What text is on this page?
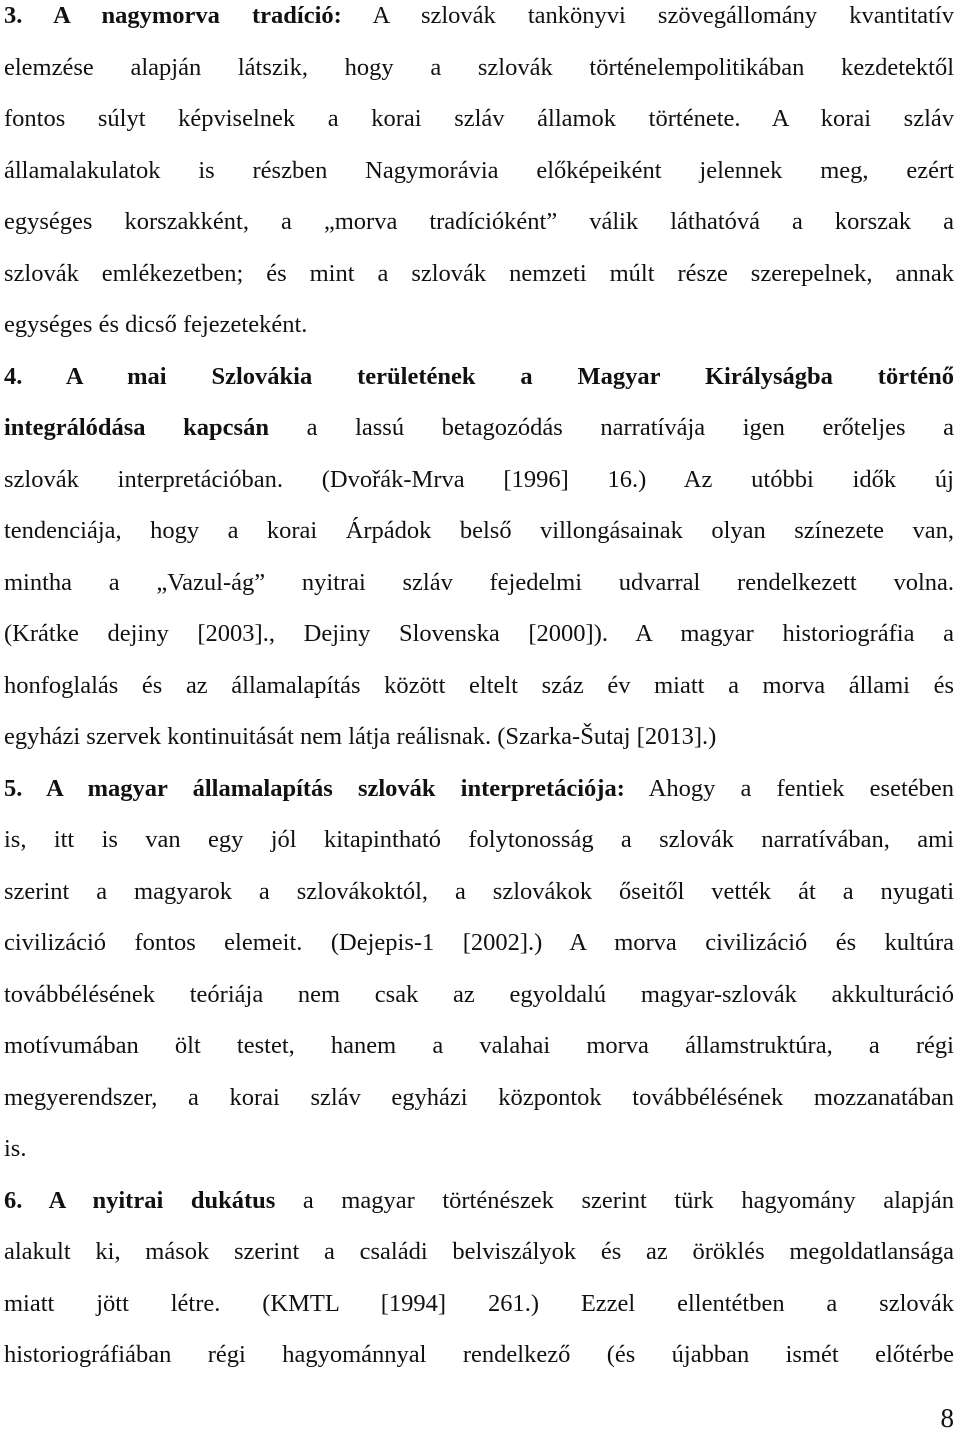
3. A nagymorva tradíció: A szlovák tankönyvi szövegállomány kvantitatív
elemzése alapján látszik, hogy a szlovák történelempolitikában kezdetektől
fontos súlyt képviselnek a korai szláv államok története. A korai szláv
államalakulatok is részben Nagymorávia előképeiként jelennek meg, ezért
egységes korszakként, a „morva tradícióként” válik láthatóvá a korszak a
szlovák emlékezetben; és mint a szlovák nemzeti múlt része szerepelnek, annak
egységes és dicső fejezeteként.
4. A mai Szlovákia területének a Magyar Királyságba történő
integrálódása kapcsán a lassú betagozódás narratívája igen erőteljes a
szlovák interpretációban. (Dvořák-Mrva [1996] 16.) Az utóbbi idők új
tendenciája, hogy a korai Árpádok belső villongásainak olyan színezete van,
mintha a „Vazul-ág” nyitrai szláv fejedelmi udvarral rendelkezett volna.
(Krátke dejiny [2003]., Dejiny Slovenska [2000]). A magyar historiográfia a
honfoglalás és az államalapítás között eltelt száz év miatt a morva állami és
egyházi szervek kontinuitását nem látja reálisnak. (Szarka-Šutaj [2013].)
5. A magyar államalapítás szlovák interpretációja: Ahogy a fentiek esetében
is, itt is van egy jól kitapintható folytonosság a szlovák narratívában, ami
szerint a magyarok a szlovákoktól, a szlovákok őseitől vették át a nyugati
civilizáció fontos elemeit. (Dejepis-1 [2002].) A morva civilizáció és kultúra
továbbélésének teóriája nem csak az egyoldalú magyar-szlovák akkulturáció
motívumában ölt testet, hanem a valahai morva államstruktúra, a régi
megyerendszer, a korai szláv egyházi központok továbbélésének mozzanatában
is.
6. A nyitrai dukátus a magyar történészek szerint türk hagyomány alapján
alakult ki, mások szerint a családi belviszályok és az öröklés megoldatlansága
miatt jött létre. (KMTL [1994] 261.) Ezzel ellentétben a szlovák
historiográfiában régi hagyománnyal rendelkező (és újabban ismét előtérbe
8
